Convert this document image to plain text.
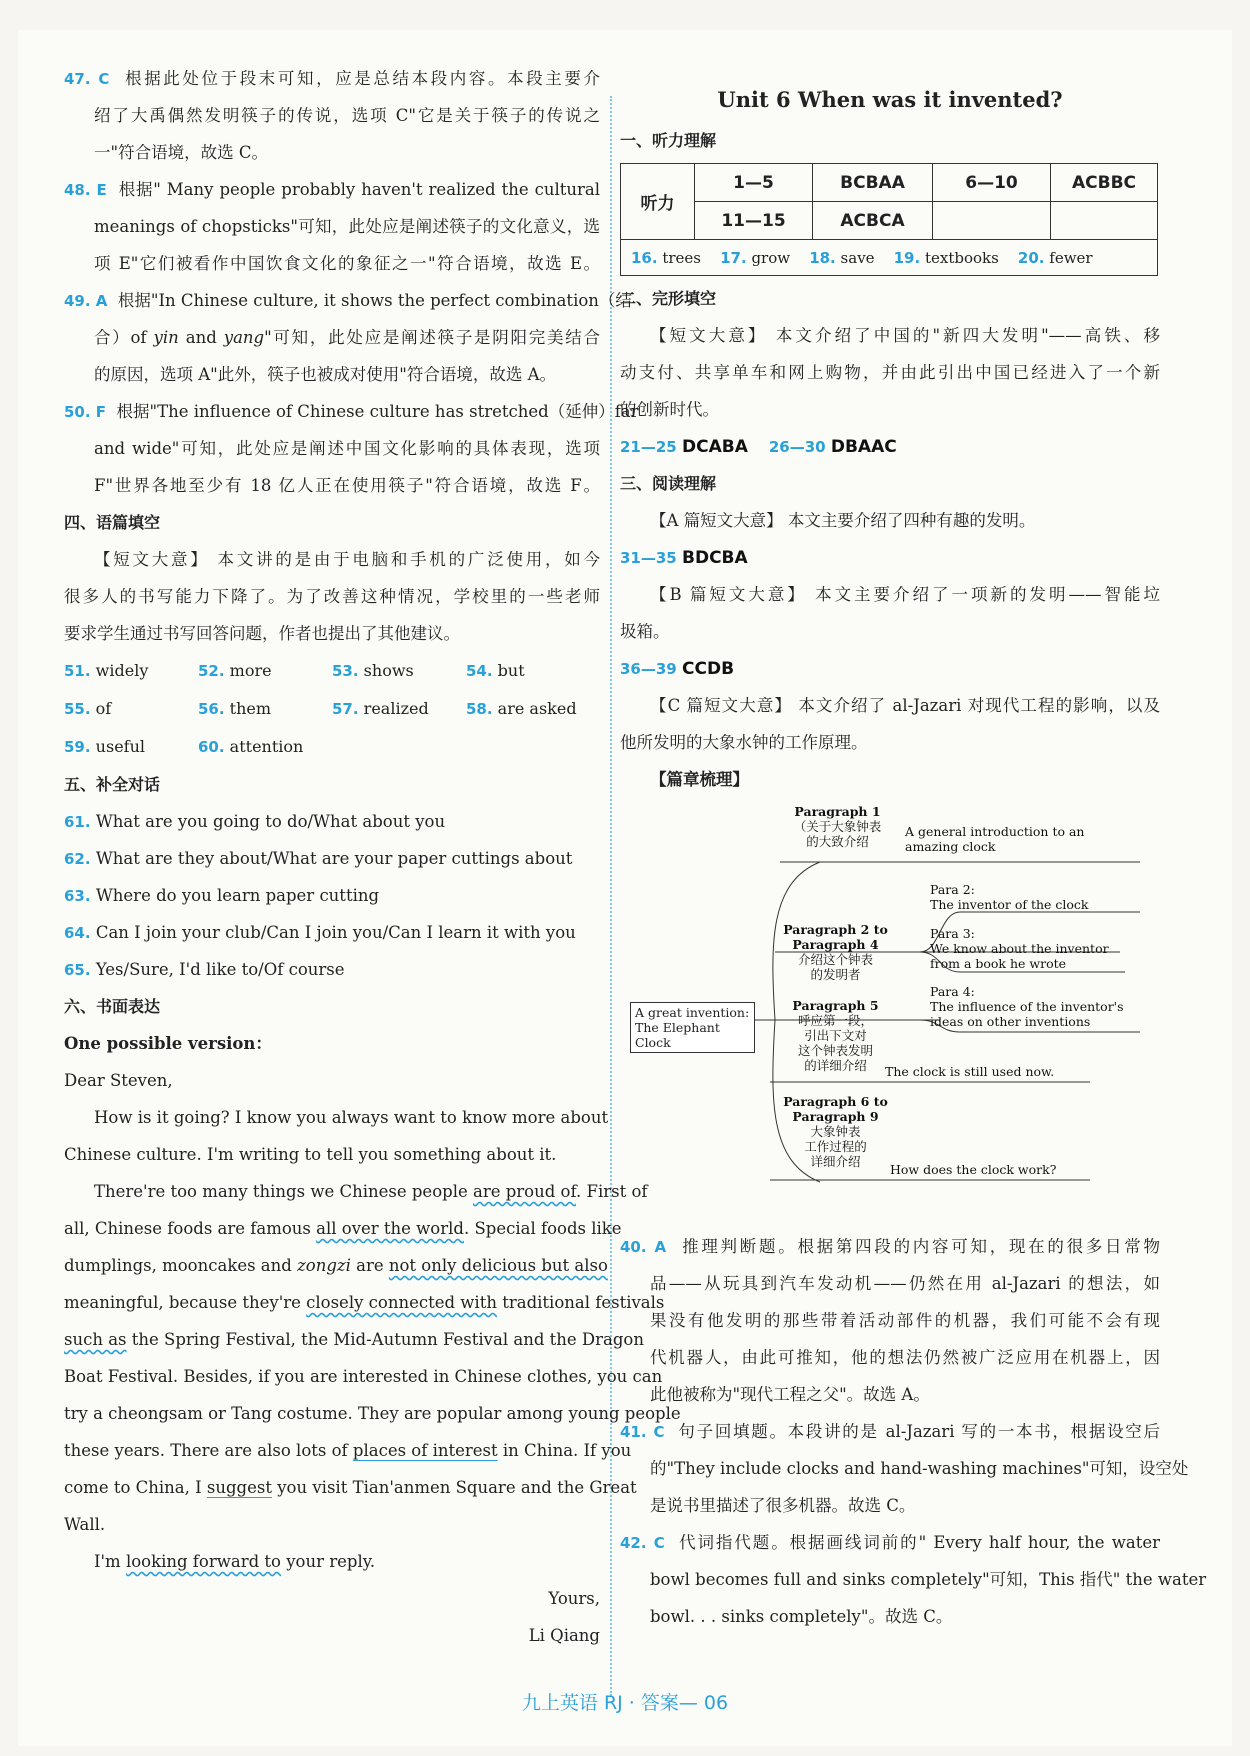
47. C 根据此处位于段末可知，应是总结本段内容。本段主要介
绍了大禹偶然发明筷子的传说，选项 C"它是关于筷子的传说之
一"符合语境，故选 C。
48. E 根据" Many people probably haven't realized the cultural
meanings of chopsticks"可知，此处应是阐述筷子的文化意义，选
项 E"它们被看作中国饮食文化的象征之一"符合语境，故选 E。
49. A 根据"In Chinese culture, it shows the perfect combination（结
合）of yin and yang"可知，此处应是阐述筷子是阴阳完美结合
的原因，选项 A"此外，筷子也被成对使用"符合语境，故选 A。
50. F 根据"The influence of Chinese culture has stretched（延伸）far
and wide"可知，此处应是阐述中国文化影响的具体表现，选项
F"世界各地至少有 18 亿人正在使用筷子"符合语境，故选 F。
四、语篇填空
【短文大意】 本文讲的是由于电脑和手机的广泛使用，如今
很多人的书写能力下降了。为了改善这种情况，学校里的一些老师
要求学生通过书写回答问题，作者也提出了其他建议。
51. widely	52. more	53. shows	54. but
55. of	56. them	57. realized	58. are asked
59. useful	60. attention
五、补全对话
61. What are you going to do/What about you
62. What are they about/What are your paper cuttings about
63. Where do you learn paper cutting
64. Can I join your club/Can I join you/Can I learn it with you
65. Yes/Sure, I'd like to/Of course
六、书面表达
One possible version：
Dear Steven,
How is it going? I know you always want to know more about
Chinese culture. I'm writing to tell you something about it.
There're too many things we Chinese people are proud of. First of
all, Chinese foods are famous all over the world. Special foods like
dumplings, mooncakes and zongzi are not only delicious but also
meaningful, because they're closely connected with traditional festivals
such as the Spring Festival, the Mid-Autumn Festival and the Dragon
Boat Festival. Besides, if you are interested in Chinese clothes, you can
try a cheongsam or Tang costume. They are popular among young people
these years. There are also lots of places of interest in China. If you
come to China, I suggest you visit Tian'anmen Square and the Great
Wall.
I'm looking forward to your reply.
Yours,
Li Qiang
Unit 6 When was it invented?
一、听力理解
听力	1—5	BCBAA	6—10	ACBBC
	11—15	ACBCA		
16. trees 17. grow 18. save 19. textbooks 20. fewer				
二、完形填空
【短文大意】 本文介绍了中国的"新四大发明"——高铁、移
动支付、共享单车和网上购物，并由此引出中国已经进入了一个新
的创新时代。
21—25 DCABA 26—30 DBAAC
三、阅读理解
【A 篇短文大意】 本文主要介绍了四种有趣的发明。
31—35 BDCBA
【B 篇短文大意】 本文主要介绍了一项新的发明——智能垃
圾箱。
36—39 CCDB
【C 篇短文大意】 本文介绍了 al-Jazari 对现代工程的影响，以及
他所发明的大象水钟的工作原理。
【篇章梳理】
A great invention:
The Elephant Clock
Paragraph 1
（关于大象钟表
的大致介绍
A general introduction to an
amazing clock
Paragraph 2 to
Paragraph 4
介绍这个钟表
的发明者
Para 2:
The inventor of the clock
Para 3:
We know about the inventor
from a book he wrote
Para 4:
The influence of the inventor's
ideas on other inventions
Paragraph 5
呼应第一段，
引出下文对
这个钟表发明
的详细介绍	The clock is still used now.
Paragraph 6 to
Paragraph 9
大象钟表
工作过程的
详细介绍
How does the clock work?
40. A 推理判断题。根据第四段的内容可知，现在的很多日常物
品——从玩具到汽车发动机——仍然在用 al-Jazari 的想法，如
果没有他发明的那些带着活动部件的机器，我们可能不会有现
代机器人，由此可推知，他的想法仍然被广泛应用在机器上，因
此他被称为"现代工程之父"。故选 A。
41. C 句子回填题。本段讲的是 al-Jazari 写的一本书，根据设空后
的"They include clocks and hand-washing machines"可知，设空处
是说书里描述了很多机器。故选 C。
42. C 代词指代题。根据画线词前的" Every half hour, the water
bowl becomes full and sinks completely"可知，This 指代" the water
bowl. . . sinks completely"。故选 C。
九上英语 RJ · 答案— 06
